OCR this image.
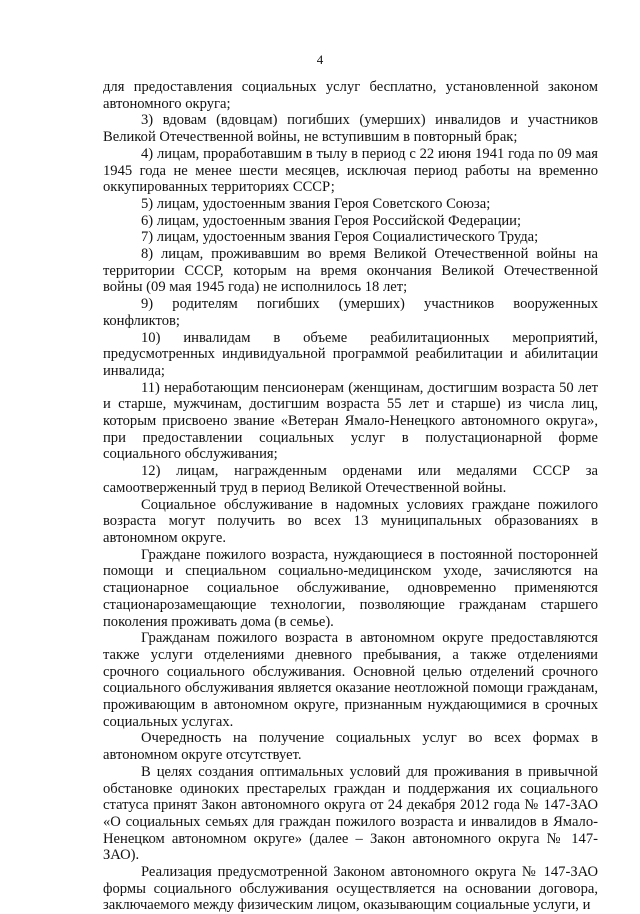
4

для предоставления социальных услуг бесплатно, установленной законом автономного округа;

3) вдовам (вдовцам) погибших (умерших) инвалидов и участников Великой Отечественной войны, не вступившим в повторный брак;

4) лицам, проработавшим в тылу в период с 22 июня 1941 года по 09 мая 1945 года не менее шести месяцев, исключая период работы на временно оккупированных территориях СССР;

5) лицам, удостоенным звания Героя Советского Союза;

6) лицам, удостоенным звания Героя Российской Федерации;

7) лицам, удостоенным звания Героя Социалистического Труда;

8) лицам, проживавшим во время Великой Отечественной войны на территории СССР, которым на время окончания Великой Отечественной войны (09 мая 1945 года) не исполнилось 18 лет;

9) родителям погибших (умерших) участников вооруженных конфликтов;

10) инвалидам в объеме реабилитационных мероприятий, предусмотренных индивидуальной программой реабилитации и абилитации инвалида;

11) неработающим пенсионерам (женщинам, достигшим возраста 50 лет и старше, мужчинам, достигшим возраста 55 лет и старше) из числа лиц, которым присвоено звание «Ветеран Ямало-Ненецкого автономного округа», при предоставлении социальных услуг в полустационарной форме социального обслуживания;

12) лицам, награжденным орденами или медалями СССР за самоотверженный труд в период Великой Отечественной войны.

Социальное обслуживание в надомных условиях граждане пожилого возраста могут получить во всех 13 муниципальных образованиях в автономном округе.

Граждане пожилого возраста, нуждающиеся в постоянной посторонней помощи и специальном социально-медицинском уходе, зачисляются на стационарное социальное обслуживание, одновременно применяются стационарозамещающие технологии, позволяющие гражданам старшего поколения проживать дома (в семье).

Гражданам пожилого возраста в автономном округе предоставляются также услуги отделениями дневного пребывания, а также отделениями срочного социального обслуживания. Основной целью отделений срочного социального обслуживания является оказание неотложной помощи гражданам, проживающим в автономном округе, признанным нуждающимися в срочных социальных услугах.

Очередность на получение социальных услуг во всех формах в автономном округе отсутствует.

В целях создания оптимальных условий для проживания в привычной обстановке одиноких престарелых граждан и поддержания их социального статуса принят Закон автономного округа от 24 декабря 2012 года № 147-ЗАО «О социальных семьях для граждан пожилого возраста и инвалидов в Ямало-Ненецком автономном округе» (далее – Закон автономного округа № 147-ЗАО).

Реализация предусмотренной Законом автономного округа № 147-ЗАО формы социального обслуживания осуществляется на основании договора, заключаемого между физическим лицом, оказывающим социальные услуги, и
